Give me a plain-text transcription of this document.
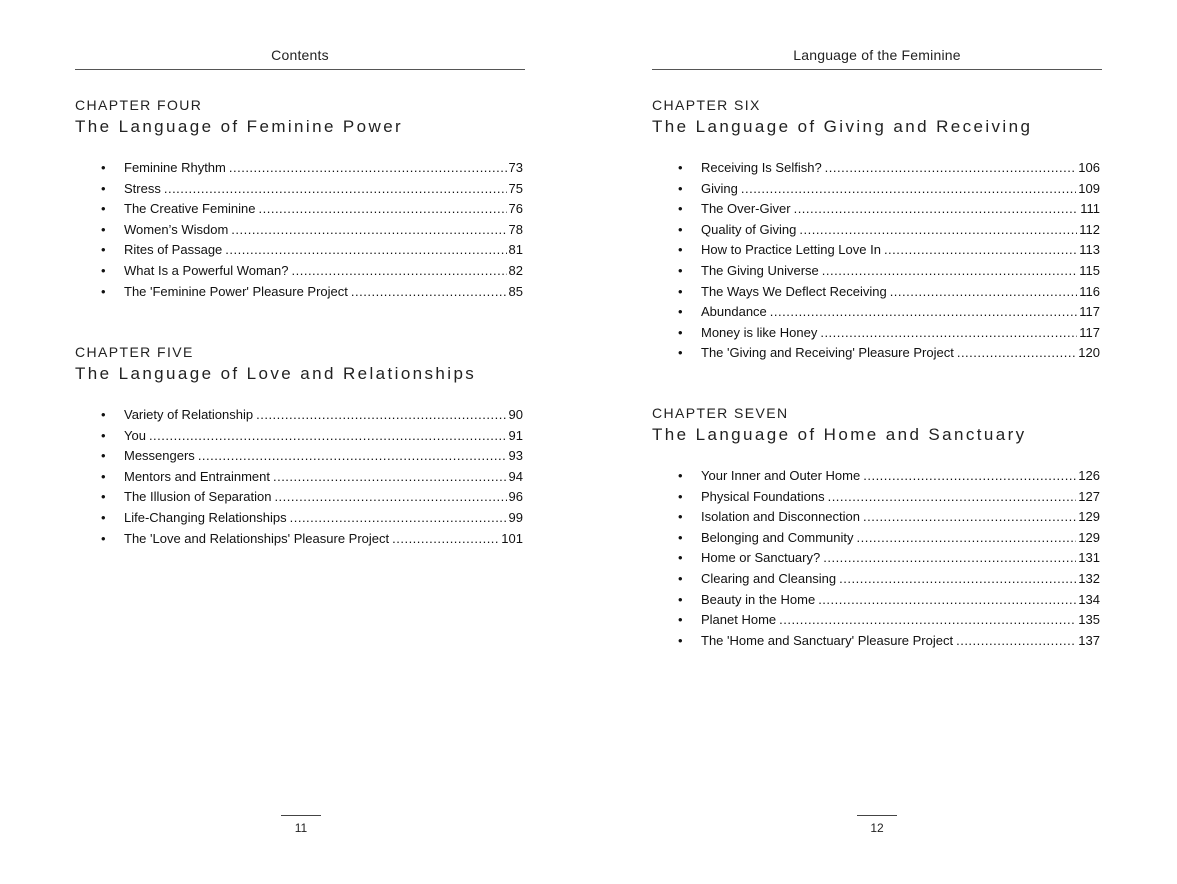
Contents
CHAPTER FOUR
The Language of Feminine Power
• Feminine Rhythm .....	73
• Stress .....	75
• The Creative Feminine .....	76
• Women’s Wisdom .....	78
• Rites of Passage .....	81
• What Is a Powerful Woman? .....	82
• The 'Feminine Power' Pleasure Project .....	85
CHAPTER FIVE
The Language of Love and Relationships
• Variety of Relationship .....	90
• You .....	91
• Messengers .....	93
• Mentors and Entrainment .....	94
• The Illusion of Separation .....	96
• Life-Changing Relationships .....	99
• The 'Love and Relationships' Pleasure Project .....	101
11
Language of the Feminine
CHAPTER SIX
The Language of Giving and Receiving
• Receiving Is Selfish? .....	106
• Giving .....	109
• The Over-Giver .....	111
• Quality of Giving .....	112
• How to Practice Letting Love In .....	113
• The Giving Universe .....	115
• The Ways We Deflect Receiving .....	116
• Abundance .....	117
• Money is like Honey .....	117
• The 'Giving and Receiving' Pleasure Project .....	120
CHAPTER SEVEN
The Language of Home and Sanctuary
• Your Inner and Outer Home .....	126
• Physical Foundations .....	127
• Isolation and Disconnection .....	129
• Belonging and Community .....	129
• Home or Sanctuary? .....	131
• Clearing and Cleansing .....	132
• Beauty in the Home .....	134
• Planet Home .....	135
• The 'Home and Sanctuary' Pleasure Project .....	137
12
